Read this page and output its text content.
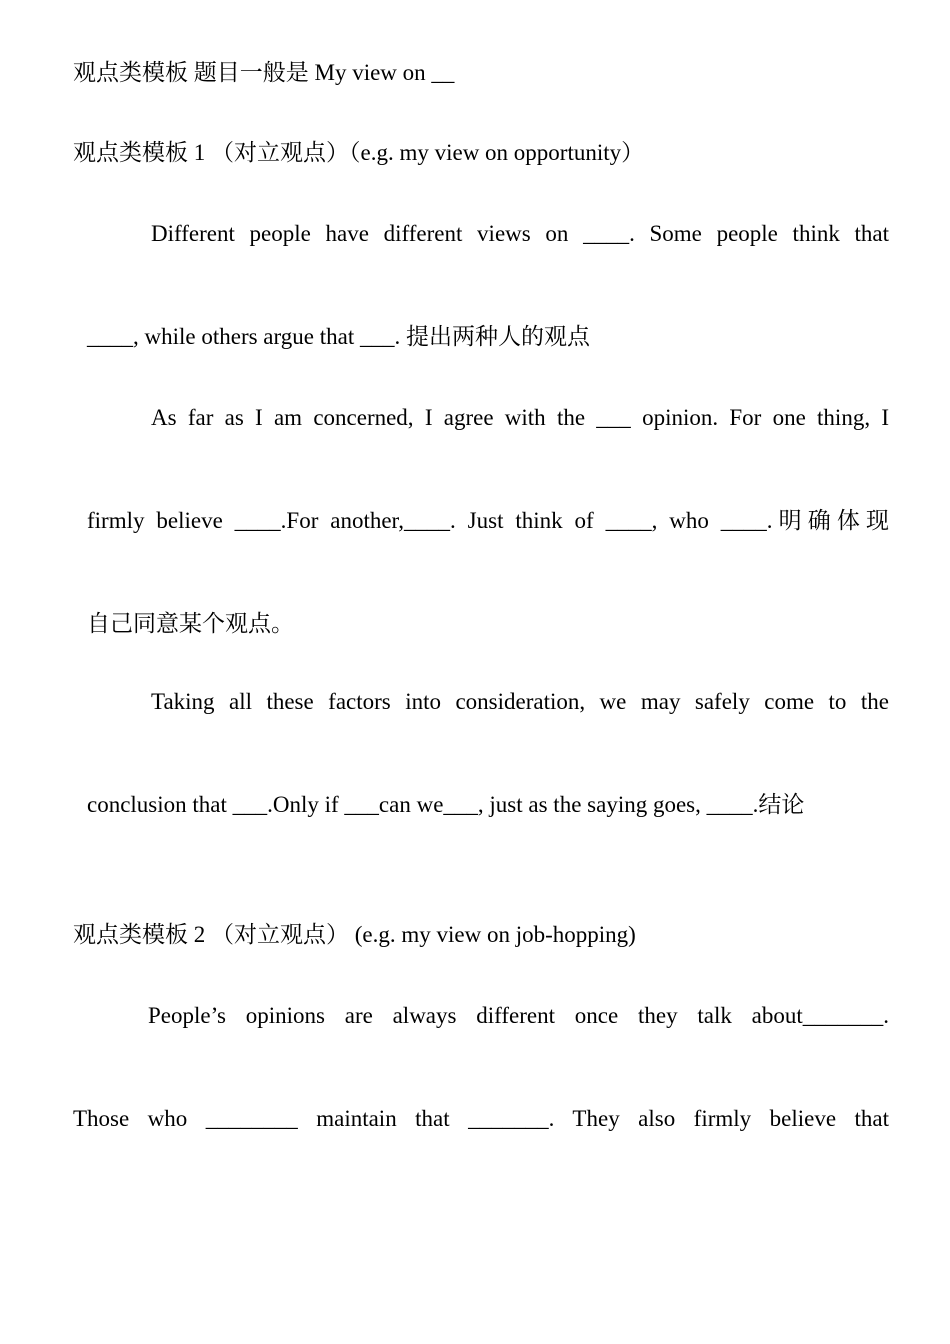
观点类模板 题目一般是 My view on __
观点类模板 1 （对立观点）（e.g. my view on opportunity）
Different people have different views on ____. Some people think that
____, while others argue that ___. 提出两种人的观点
As far as I am concerned, I agree with the ___ opinion. For one thing, I
firmly believe ____.For another,____. Just think of ____, who ____.明确体现
自己同意某个观点。
Taking all these factors into consideration, we may safely come to the
conclusion that ___.Only if ___can we___, just as the saying goes, ____.结论
观点类模板 2 （对立观点） (e.g. my view on job-hopping)
People’s opinions are always different once they talk about_______.
Those who ________ maintain that _______. They also firmly believe that
